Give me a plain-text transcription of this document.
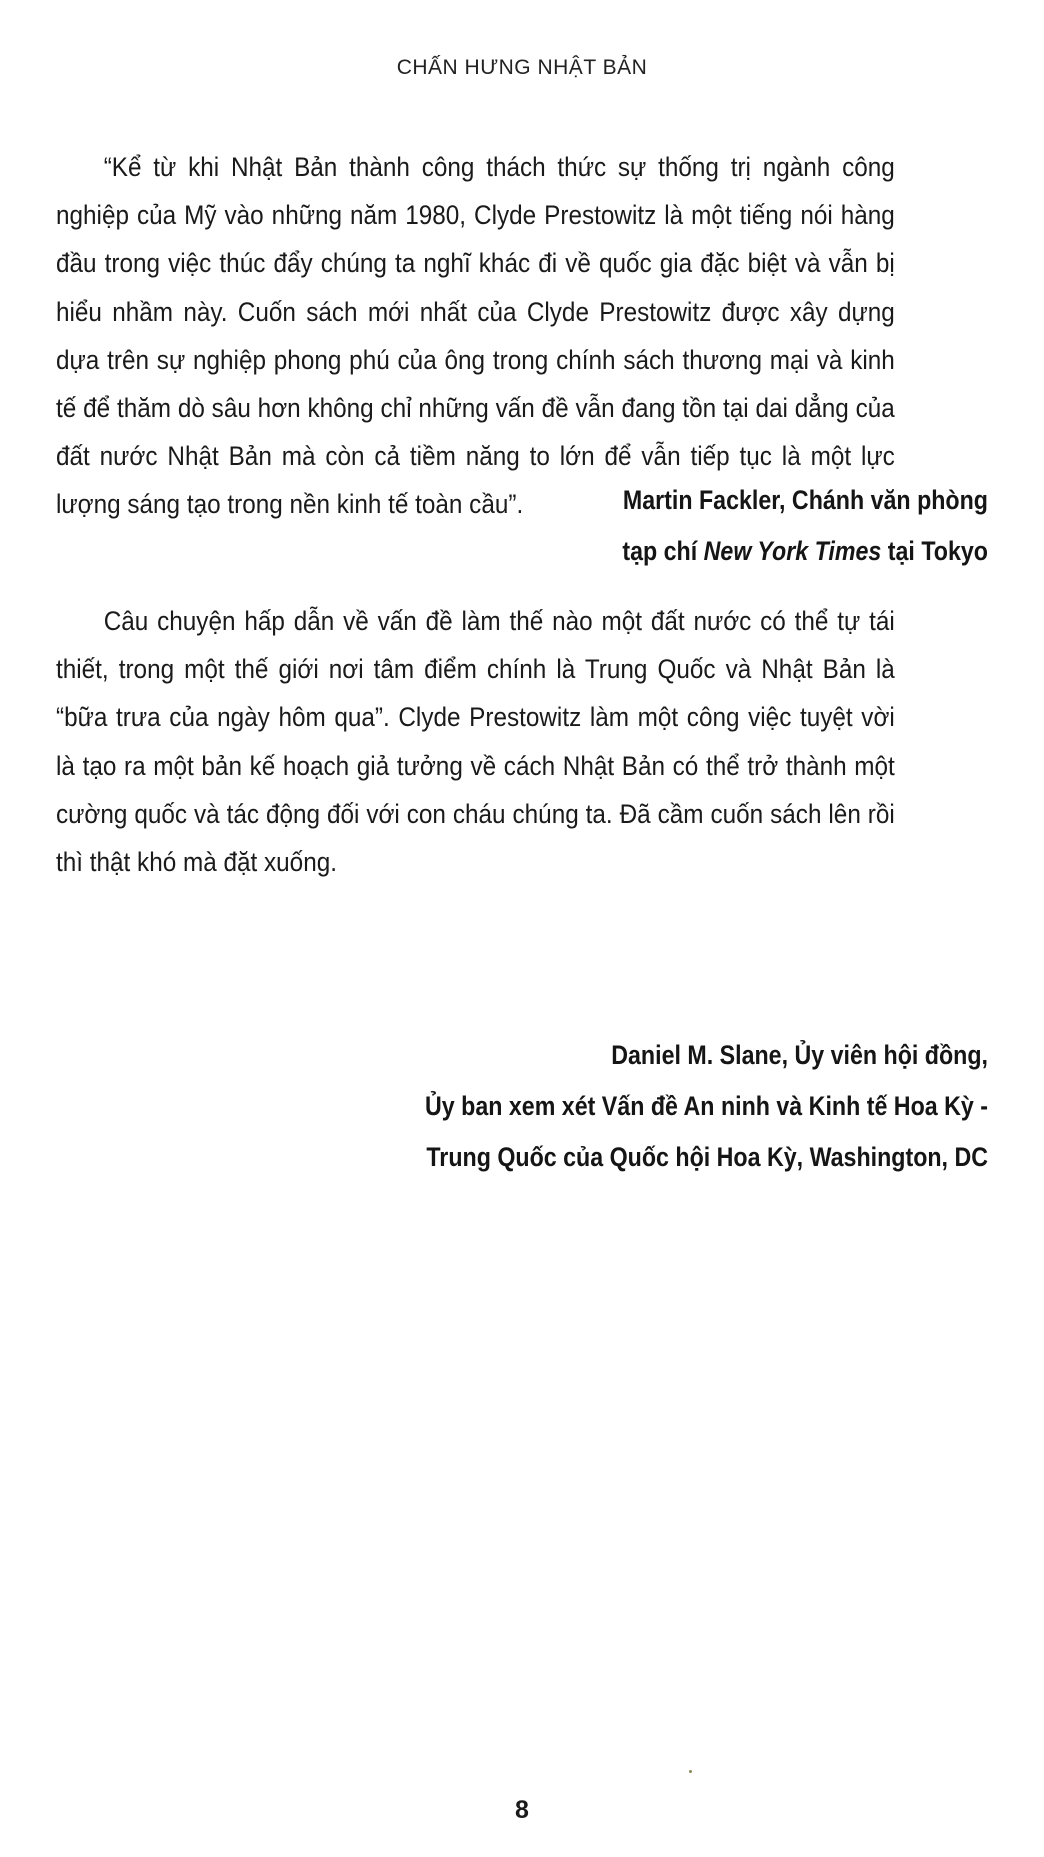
CHẤN HƯNG NHẬT BẢN

“Kể từ khi Nhật Bản thành công thách thức sự thống trị ngành công nghiệp của Mỹ vào những năm 1980, Clyde Prestowitz là một tiếng nói hàng đầu trong việc thúc đẩy chúng ta nghĩ khác đi về quốc gia đặc biệt và vẫn bị hiểu nhầm này. Cuốn sách mới nhất của Clyde Prestowitz được xây dựng dựa trên sự nghiệp phong phú của ông trong chính sách thương mại và kinh tế để thăm dò sâu hơn không chỉ những vấn đề vẫn đang tồn tại dai dẳng của đất nước Nhật Bản mà còn cả tiềm năng to lớn để vẫn tiếp tục là một lực lượng sáng tạo trong nền kinh tế toàn cầu”.	Martin Fackler, Chánh văn phòng
tạp chí New York Times tại Tokyo

Câu chuyện hấp dẫn về vấn đề làm thế nào một đất nước có thể tự tái thiết, trong một thế giới nơi tâm điểm chính là Trung Quốc và Nhật Bản là “bữa trưa của ngày hôm qua”. Clyde Prestowitz làm một công việc tuyệt vời là tạo ra một bản kế hoạch giả tưởng về cách Nhật Bản có thể trở thành một cường quốc và tác động đối với con cháu chúng ta. Đã cầm cuốn sách lên rồi thì thật khó mà đặt xuống.

Daniel M. Slane, Ủy viên hội đồng,
Ủy ban xem xét Vấn đề An ninh và Kinh tế Hoa Kỳ -
Trung Quốc của Quốc hội Hoa Kỳ, Washington, DC
8
